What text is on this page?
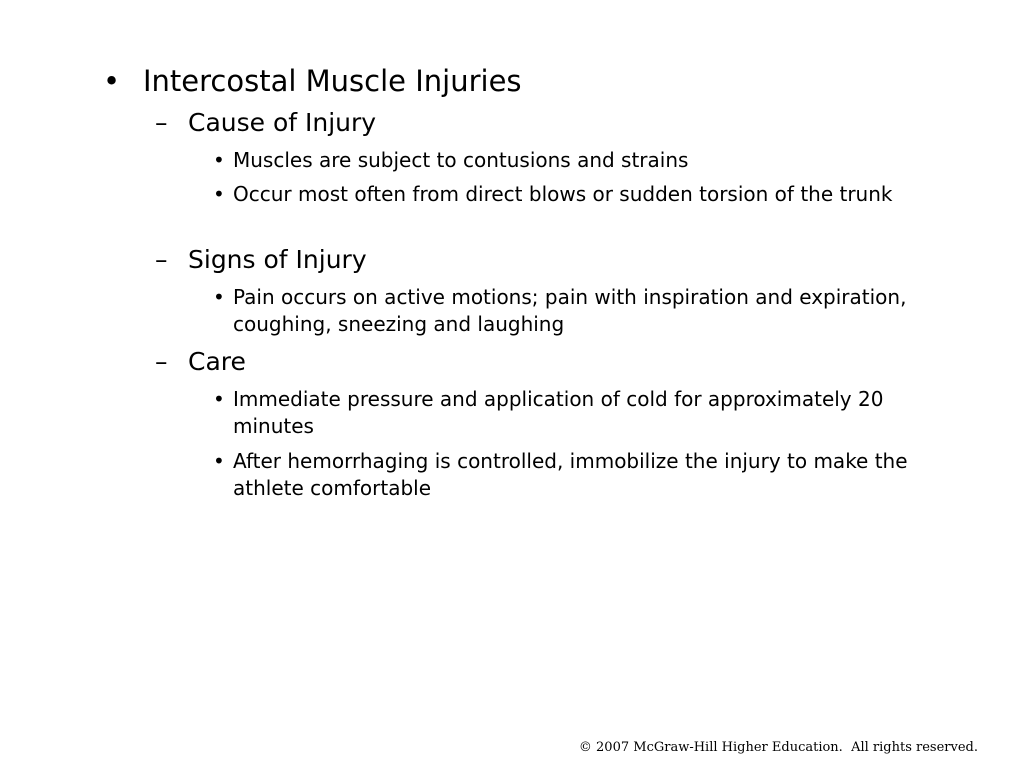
• Intercostal Muscle Injuries
– Cause of Injury
• Muscles are subject to contusions and strains
• Occur most often from direct blows or sudden torsion of the trunk
– Signs of Injury
• Pain occurs on active motions; pain with inspiration and expiration, coughing, sneezing and laughing
– Care
• Immediate pressure and application of cold for approximately 20 minutes
• After hemorrhaging is controlled, immobilize the injury to make the athlete comfortable
© 2007 McGraw-Hill Higher Education.  All rights reserved.
